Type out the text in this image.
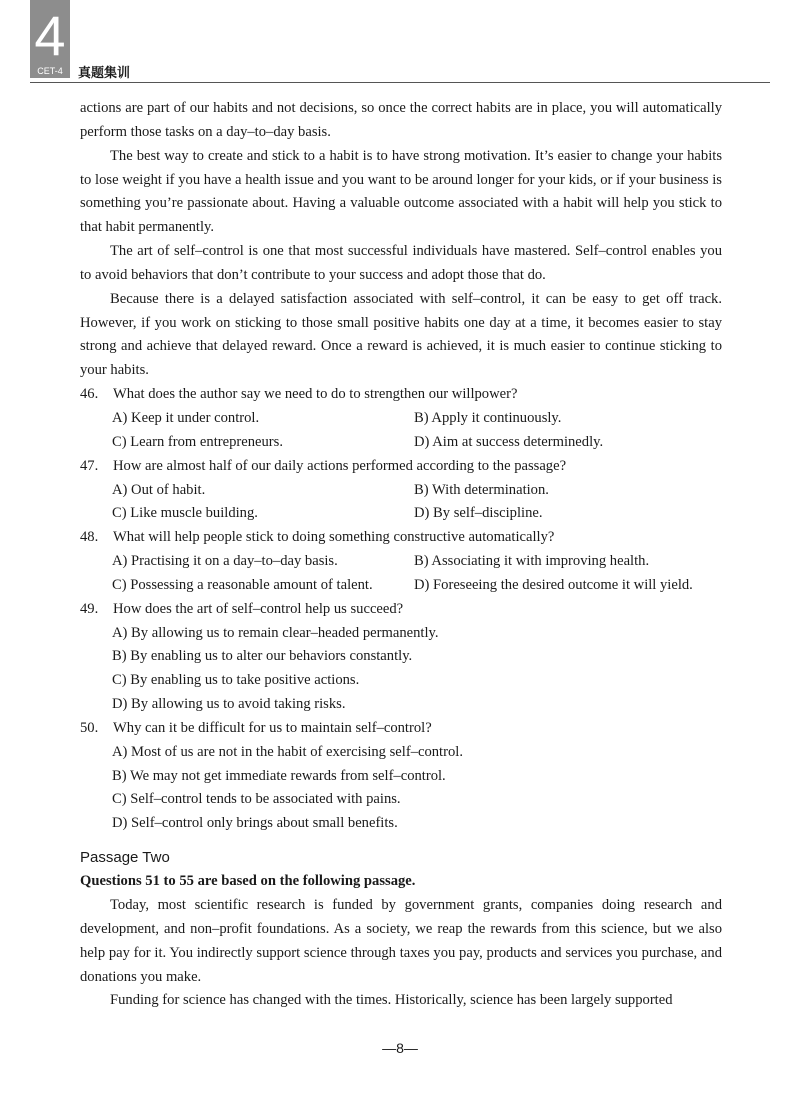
4
CET-4	真题集训

actions are part of our habits and not decisions, so once the correct habits are in place, you will automatically perform those tasks on a day–to–day basis.

The best way to create and stick to a habit is to have strong motivation. It’s easier to change your habits to lose weight if you have a health issue and you want to be around longer for your kids, or if your business is something you’re passionate about. Having a valuable outcome associated with a habit will help you stick to that habit permanently.

The art of self–control is one that most successful individuals have mastered. Self–control enables you to avoid behaviors that don’t contribute to your success and adopt those that do.

Because there is a delayed satisfaction associated with self–control, it can be easy to get off track. However, if you work on sticking to those small positive habits one day at a time, it becomes easier to stay strong and achieve that delayed reward. Once a reward is achieved, it is much easier to continue sticking to your habits.

46.	What does the author say we need to do to strengthen our willpower?
A) Keep it under control.	B) Apply it continuously.
C) Learn from entrepreneurs.	D) Aim at success determinedly.
47.	How are almost half of our daily actions performed according to the passage?
A) Out of habit.	B) With determination.
C) Like muscle building.	D) By self–discipline.
48.	What will help people stick to doing something constructive automatically?
A) Practising it on a day–to–day basis.	B) Associating it with improving health.
C) Possessing a reasonable amount of talent.	D) Foreseeing the desired outcome it will yield.
49.	How does the art of self–control help us succeed?
A) By allowing us to remain clear–headed permanently.
B) By enabling us to alter our behaviors constantly.
C) By enabling us to take positive actions.
D) By allowing us to avoid taking risks.
50.	Why can it be difficult for us to maintain self–control?
A) Most of us are not in the habit of exercising self–control.
B) We may not get immediate rewards from self–control.
C) Self–control tends to be associated with pains.
D) Self–control only brings about small benefits.
Passage Two

Questions 51 to 55 are based on the following passage.

Today, most scientific research is funded by government grants, companies doing research and development, and non–profit foundations. As a society, we reap the rewards from this science, but we also help pay for it. You indirectly support science through taxes you pay, products and services you purchase, and donations you make.

Funding for science has changed with the times. Historically, science has been largely supported

—8—
